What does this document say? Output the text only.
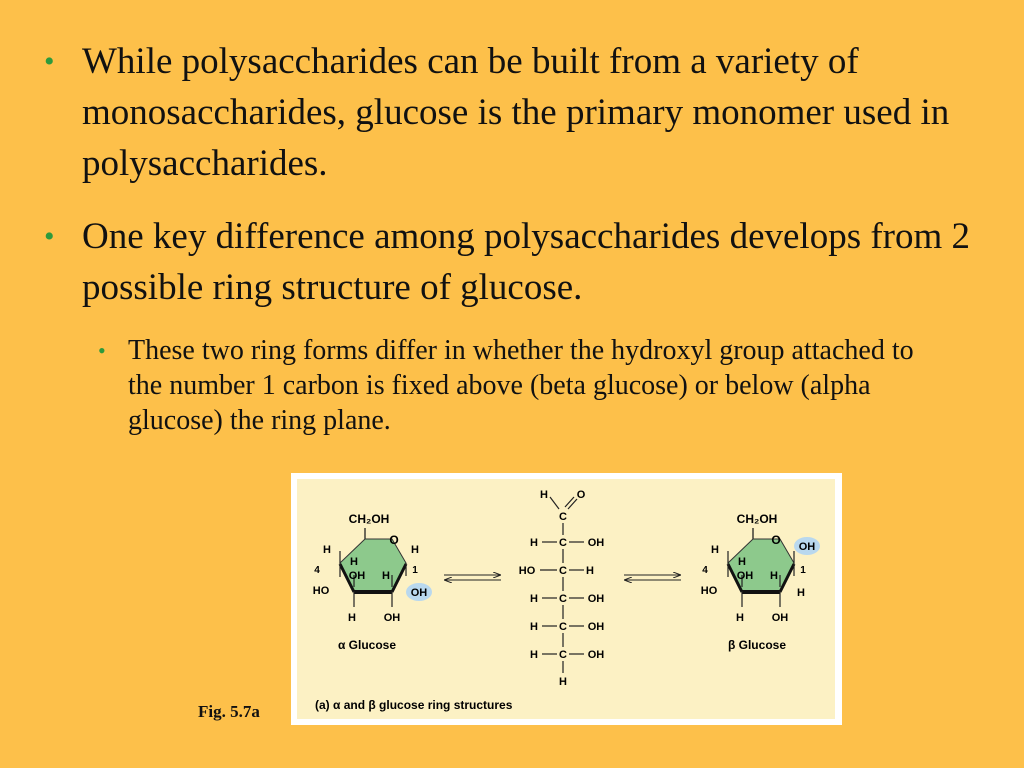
• While polysaccharides can be built from a variety of monosaccharides, glucose is the primary monomer used in polysaccharides.
• One key difference among polysaccharides develops from 2 possible ring structure of glucose.
• These two ring forms differ in whether the hydroxyl group attached to the number 1 carbon is fixed above (beta glucose) or below (alpha glucose) the ring plane.
Fig. 5.7a
CH₂OH
O
H	H
H
OH H
4	1
HO	OH
H	OH
α Glucose
H	O
C
H C OH
HO C H
H C OH
H C OH
H C OH
H
CH₂OH
O OH
H
H
OH H
4	1
HO	H
H	OH
β Glucose
(a) α and β glucose ring structures
